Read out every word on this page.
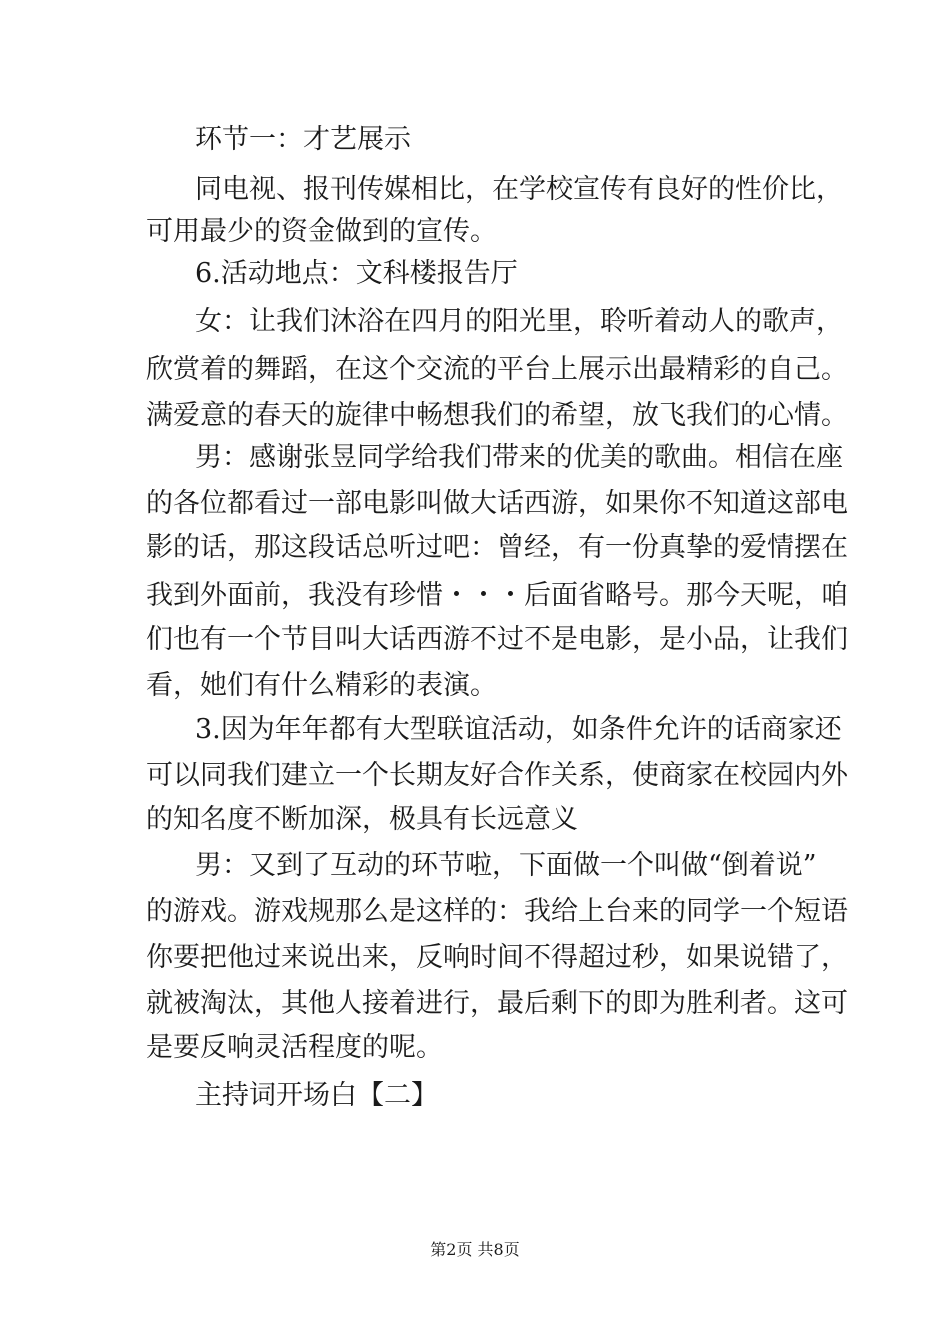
环节一：才艺展示
同电视、报刊传媒相比，在学校宣传有良好的性价比，
可用最少的资金做到的宣传。
6.活动地点：文科楼报告厅
女：让我们沐浴在四月的阳光里，聆听着动人的歌声，
欣赏着的舞蹈，在这个交流的平台上展示出最精彩的自己。
满爱意的春天的旋律中畅想我们的希望，放飞我们的心情。
男：感谢张昱同学给我们带来的优美的歌曲。相信在座
的各位都看过一部电影叫做大话西游，如果你不知道这部电
影的话，那这段话总听过吧：曾经，有一份真挚的爱情摆在
我到外面前，我没有珍惜・・・后面省略号。那今天呢，咱
们也有一个节目叫大话西游不过不是电影，是小品，让我们
看，她们有什么精彩的表演。
3.因为年年都有大型联谊活动，如条件允许的话商家还
可以同我们建立一个长期友好合作关系，使商家在校园内外
的知名度不断加深，极具有长远意义
男：又到了互动的环节啦，下面做一个叫做“倒着说”
的游戏。游戏规那么是这样的：我给上台来的同学一个短语
你要把他过来说出来，反响时间不得超过秒，如果说错了，
就被淘汰，其他人接着进行，最后剩下的即为胜利者。这可
是要反响灵活程度的呢。
主持词开场白【二】
第2页 共8页
